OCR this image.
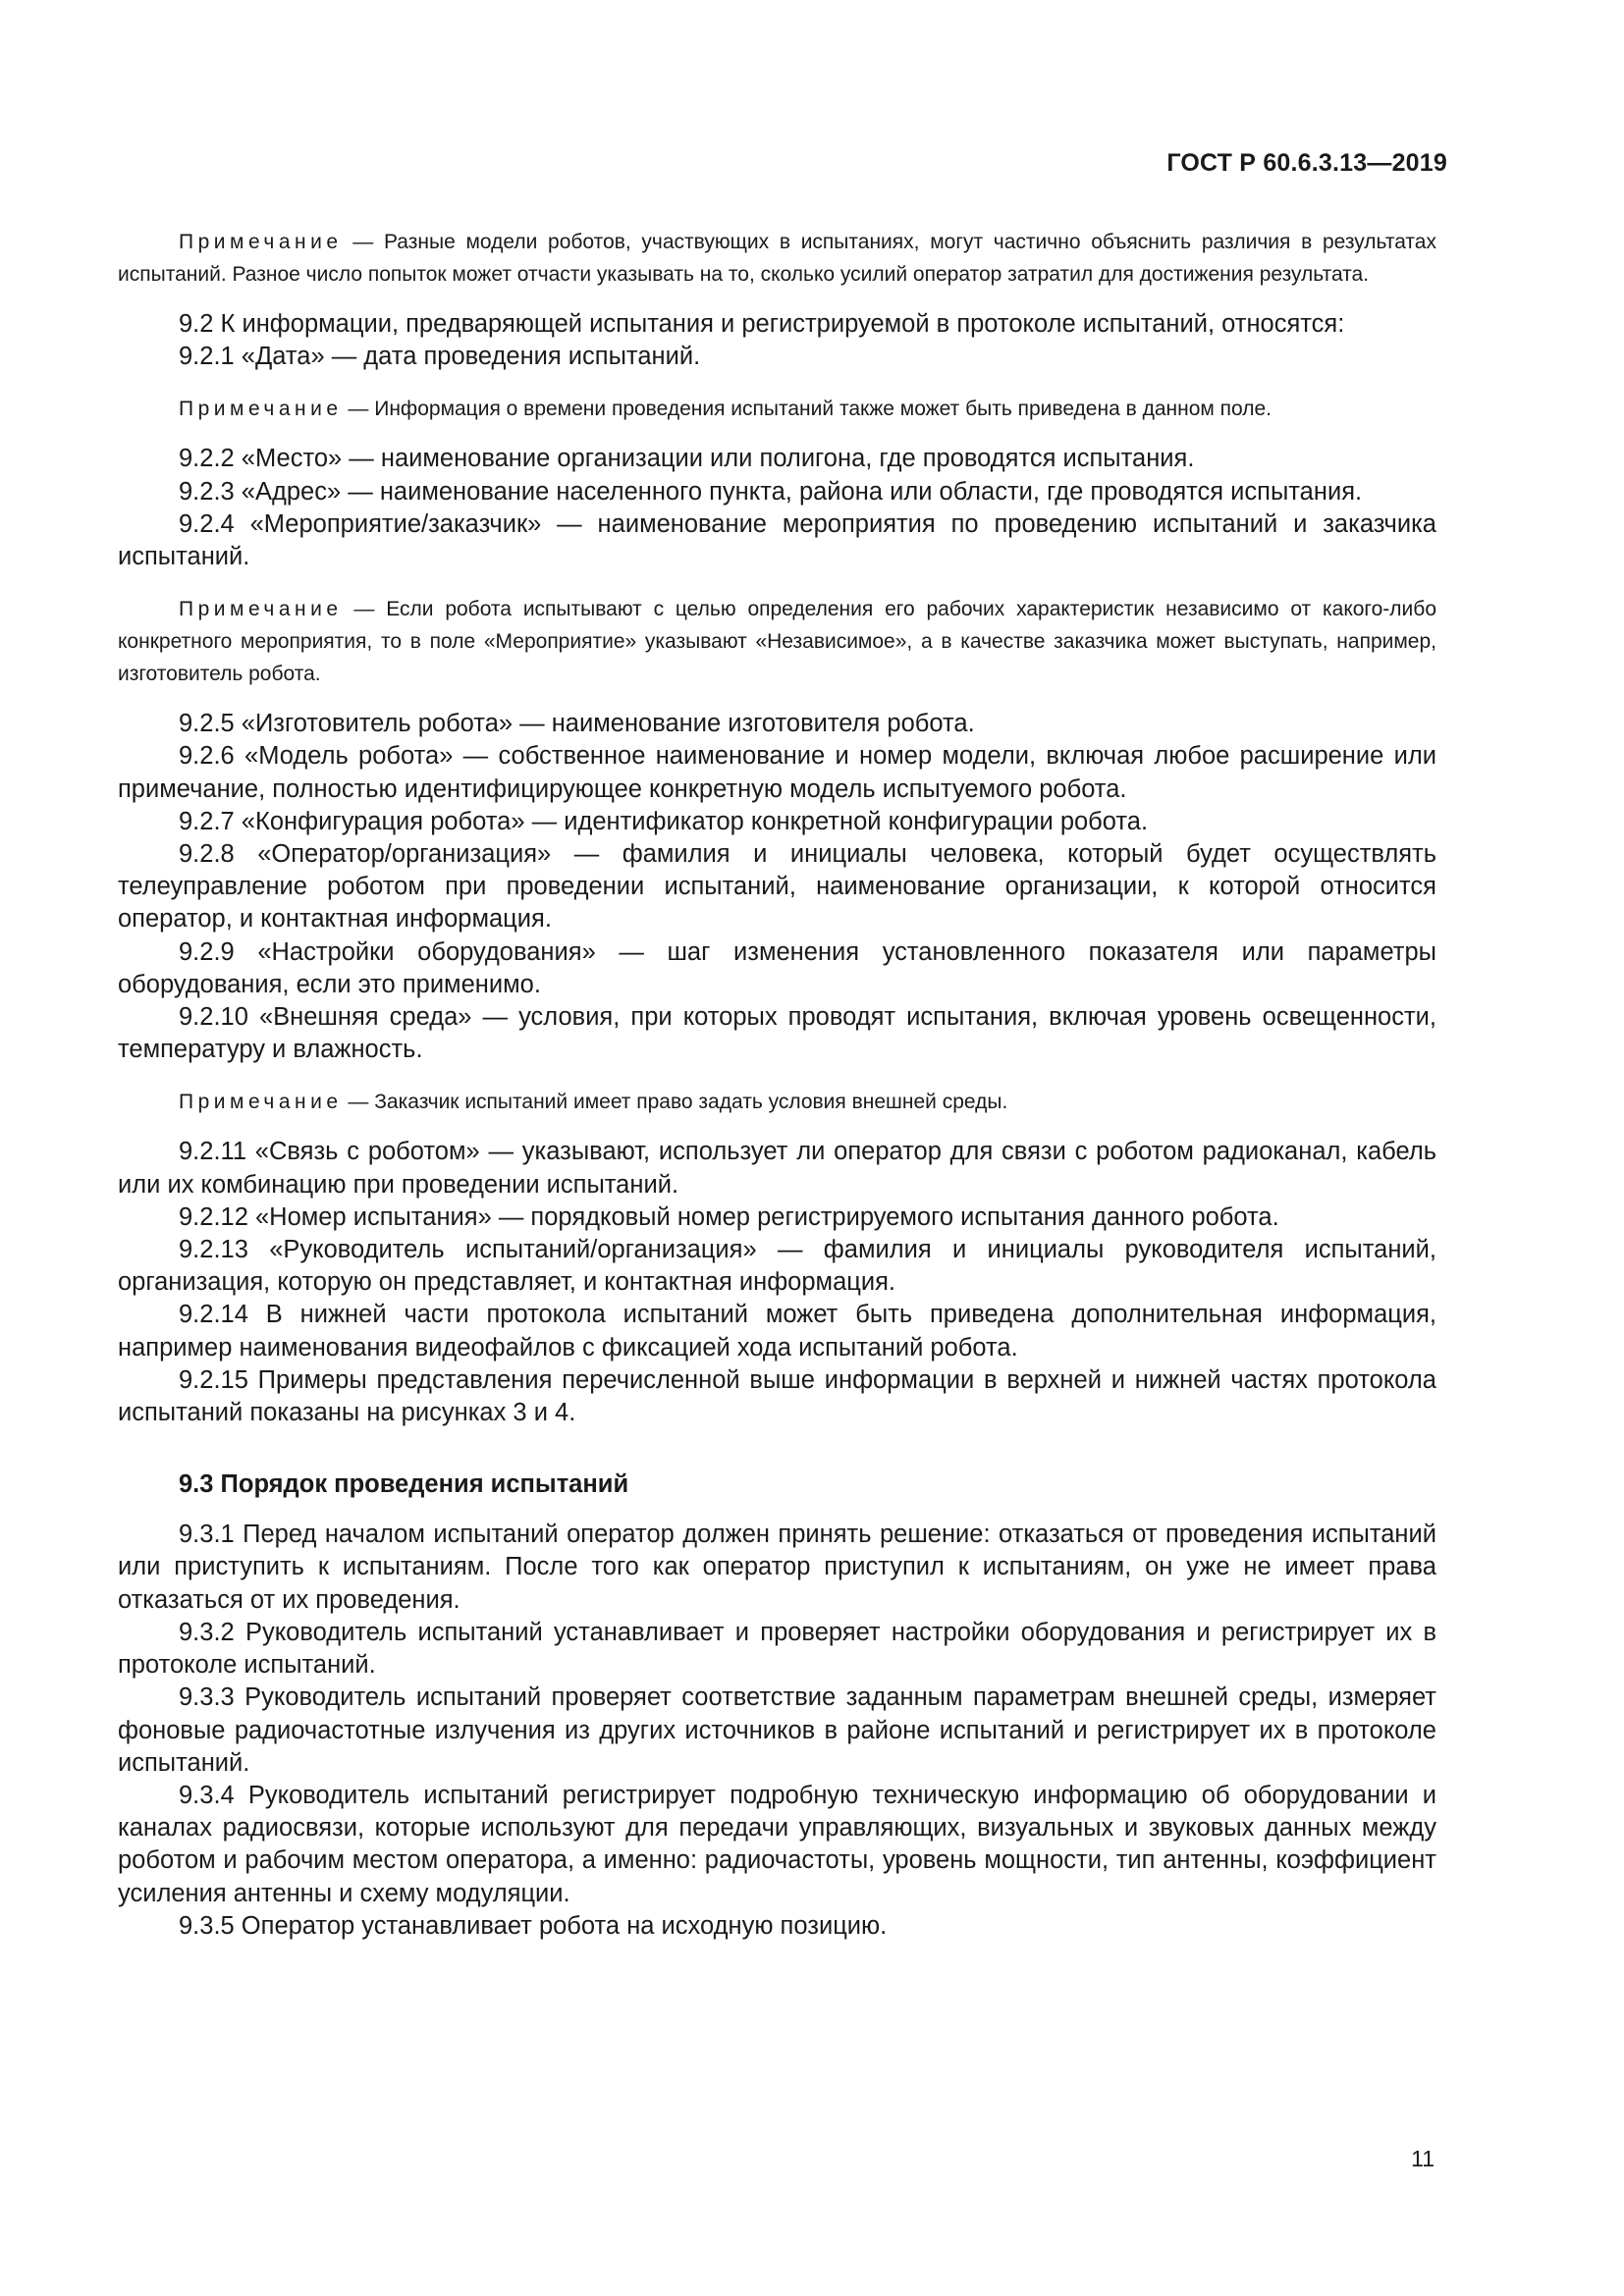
ГОСТ Р 60.6.3.13—2019

Примечание — Разные модели роботов, участвующих в испытаниях, могут частично объяснить различия в результатах испытаний. Разное число попыток может отчасти указывать на то, сколько усилий оператор затратил для достижения результата.

9.2 К информации, предваряющей испытания и регистрируемой в протоколе испытаний, относятся:

9.2.1 «Дата» — дата проведения испытаний.

Примечание — Информация о времени проведения испытаний также может быть приведена в данном поле.

9.2.2 «Место» — наименование организации или полигона, где проводятся испытания.

9.2.3 «Адрес» — наименование населенного пункта, района или области, где проводятся испытания.

9.2.4 «Мероприятие/заказчик» — наименование мероприятия по проведению испытаний и заказчика испытаний.

Примечание — Если робота испытывают с целью определения его рабочих характеристик независимо от какого-либо конкретного мероприятия, то в поле «Мероприятие» указывают «Независимое», а в качестве заказчика может выступать, например, изготовитель робота.

9.2.5 «Изготовитель робота» — наименование изготовителя робота.

9.2.6 «Модель робота» — собственное наименование и номер модели, включая любое расширение или примечание, полностью идентифицирующее конкретную модель испытуемого робота.

9.2.7 «Конфигурация робота» — идентификатор конкретной конфигурации робота.

9.2.8 «Оператор/организация» — фамилия и инициалы человека, который будет осуществлять телеуправление роботом при проведении испытаний, наименование организации, к которой относится оператор, и контактная информация.

9.2.9 «Настройки оборудования» — шаг изменения установленного показателя или параметры оборудования, если это применимо.

9.2.10 «Внешняя среда» — условия, при которых проводят испытания, включая уровень освещенности, температуру и влажность.

Примечание — Заказчик испытаний имеет право задать условия внешней среды.

9.2.11 «Связь с роботом» — указывают, использует ли оператор для связи с роботом радиоканал, кабель или их комбинацию при проведении испытаний.

9.2.12 «Номер испытания» — порядковый номер регистрируемого испытания данного робота.

9.2.13 «Руководитель испытаний/организация» — фамилия и инициалы руководителя испытаний, организация, которую он представляет, и контактная информация.

9.2.14 В нижней части протокола испытаний может быть приведена дополнительная информация, например наименования видеофайлов с фиксацией хода испытаний робота.

9.2.15 Примеры представления перечисленной выше информации в верхней и нижней частях протокола испытаний показаны на рисунках 3 и 4.

9.3 Порядок проведения испытаний

9.3.1 Перед началом испытаний оператор должен принять решение: отказаться от проведения испытаний или приступить к испытаниям. После того как оператор приступил к испытаниям, он уже не имеет права отказаться от их проведения.

9.3.2 Руководитель испытаний устанавливает и проверяет настройки оборудования и регистрирует их в протоколе испытаний.

9.3.3 Руководитель испытаний проверяет соответствие заданным параметрам внешней среды, измеряет фоновые радиочастотные излучения из других источников в районе испытаний и регистрирует их в протоколе испытаний.

9.3.4 Руководитель испытаний регистрирует подробную техническую информацию об оборудовании и каналах радиосвязи, которые используют для передачи управляющих, визуальных и звуковых данных между роботом и рабочим местом оператора, а именно: радиочастоты, уровень мощности, тип антенны, коэффициент усиления антенны и схему модуляции.

9.3.5 Оператор устанавливает робота на исходную позицию.

11
